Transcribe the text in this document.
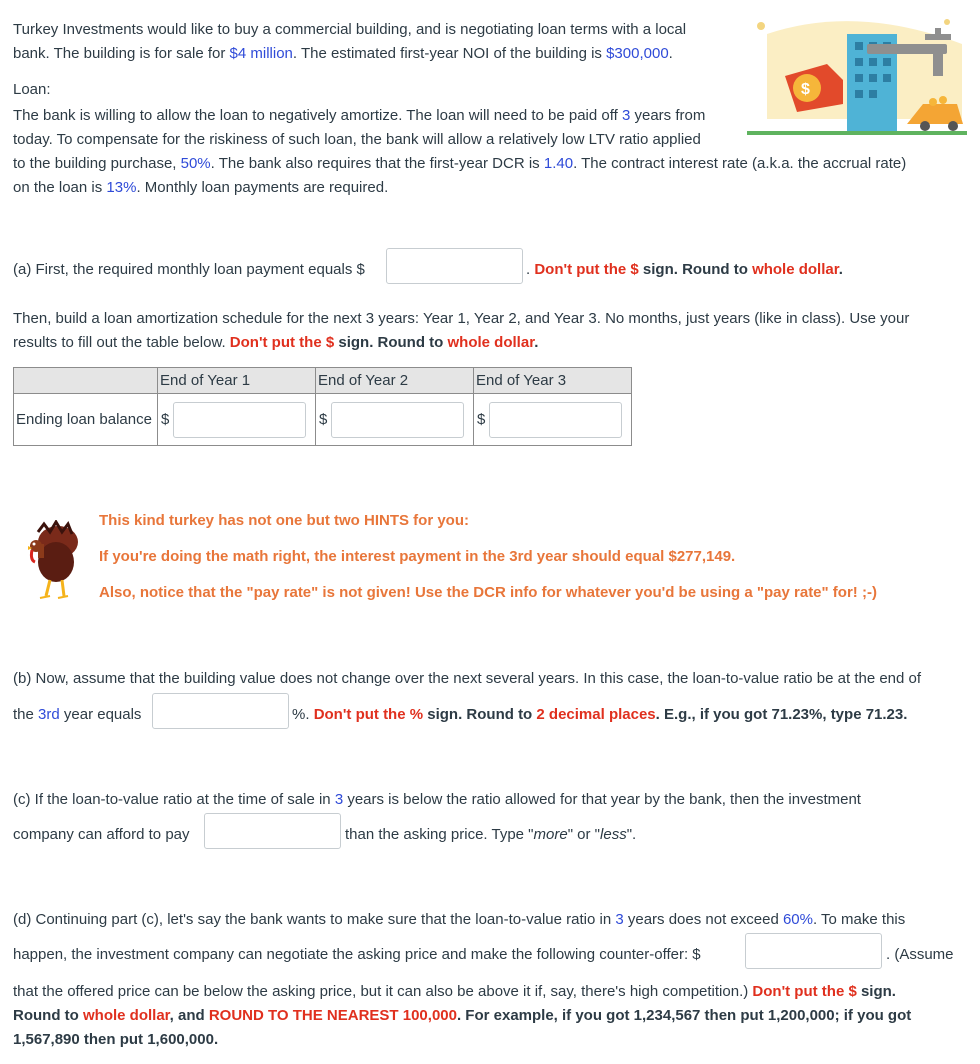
Turkey Investments would like to buy a commercial building, and is negotiating loan terms with a local
bank. The building is for sale for $4 million. The estimated first-year NOI of the building is $300,000.
Loan:
The bank is willing to allow the loan to negatively amortize. The loan will need to be paid off 3 years from
today. To compensate for the riskiness of such loan, the bank will allow a relatively low LTV ratio applied
to the building purchase, 50%. The bank also requires that the first-year DCR is 1.40. The contract interest rate (a.k.a. the accrual rate)
on the loan is 13%. Monthly loan payments are required.
$
(a) First, the required monthly loan payment equals $	. Don't put the $ sign. Round to whole dollar.
Then, build a loan amortization schedule for the next 3 years: Year 1, Year 2, and Year 3. No months, just years (like in class). Use your
results to fill out the table below. Don't put the $ sign. Round to whole dollar.
	End of Year 1	End of Year 2	End of Year 3
Ending loan balance	$	$	$
This kind turkey has not one but two HINTS for you:
If you're doing the math right, the interest payment in the 3rd year should equal $277,149.
Also, notice that the "pay rate" is not given! Use the DCR info for whatever you'd be using a "pay rate" for! ;-)
(b) Now, assume that the building value does not change over the next several years. In this case, the loan-to-value ratio be at the end of
the 3rd year equals	%. Don't put the % sign. Round to 2 decimal places. E.g., if you got 71.23%, type 71.23.
(c) If the loan-to-value ratio at the time of sale in 3 years is below the ratio allowed for that year by the bank, then the investment
company can afford to pay	than the asking price. Type "more" or "less".
(d) Continuing part (c), let's say the bank wants to make sure that the loan-to-value ratio in 3 years does not exceed 60%. To make this
happen, the investment company can negotiate the asking price and make the following counter-offer: $	. (Assume
that the offered price can be below the asking price, but it can also be above it if, say, there's high competition.) Don't put the $ sign.
Round to whole dollar, and ROUND TO THE NEAREST 100,000. For example, if you got 1,234,567 then put 1,200,000; if you got
1,567,890 then put 1,600,000.
